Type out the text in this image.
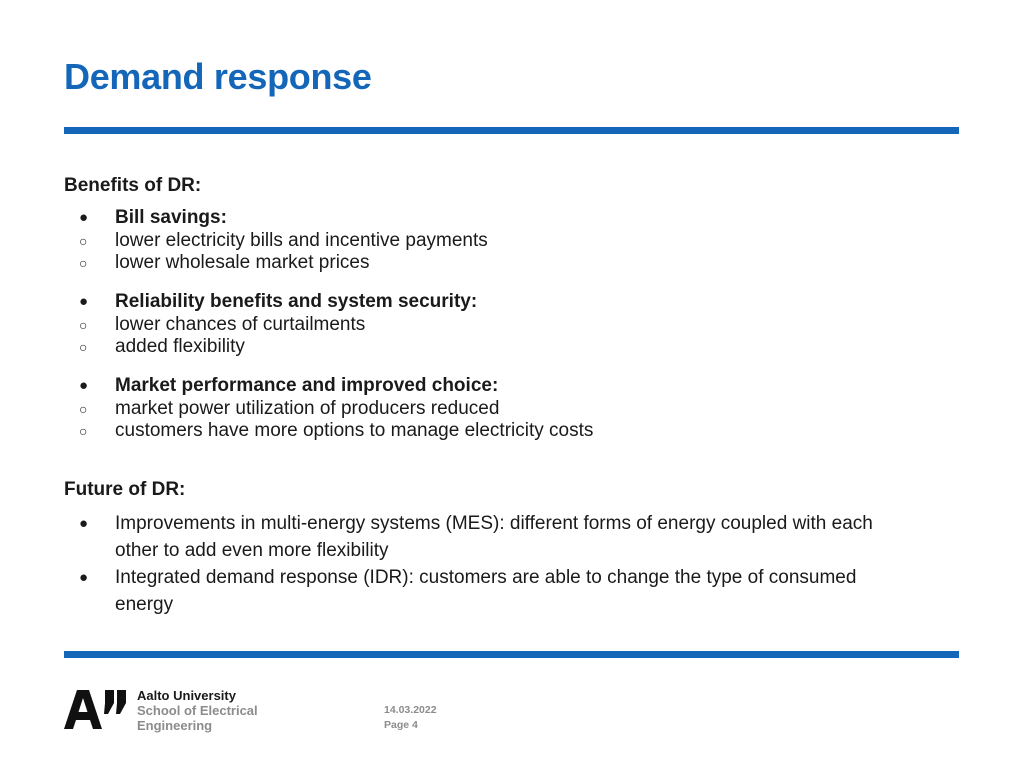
Demand response
Benefits of DR:
●	Bill savings:
○ lower electricity bills and incentive payments
○ lower wholesale market prices
●	Reliability benefits and system security:
○ lower chances of curtailments
○ added flexibility
●	Market performance and improved choice:
○ market power utilization of producers reduced
○ customers have more options to manage electricity costs
Future of DR:
●	Improvements in multi-energy systems (MES): different forms of energy coupled with each
other to add even more flexibility
●	Integrated demand response (IDR): customers are able to change the type of consumed
energy
Aalto University
School of Electrical
Engineering
14.03.2022
Page 4
